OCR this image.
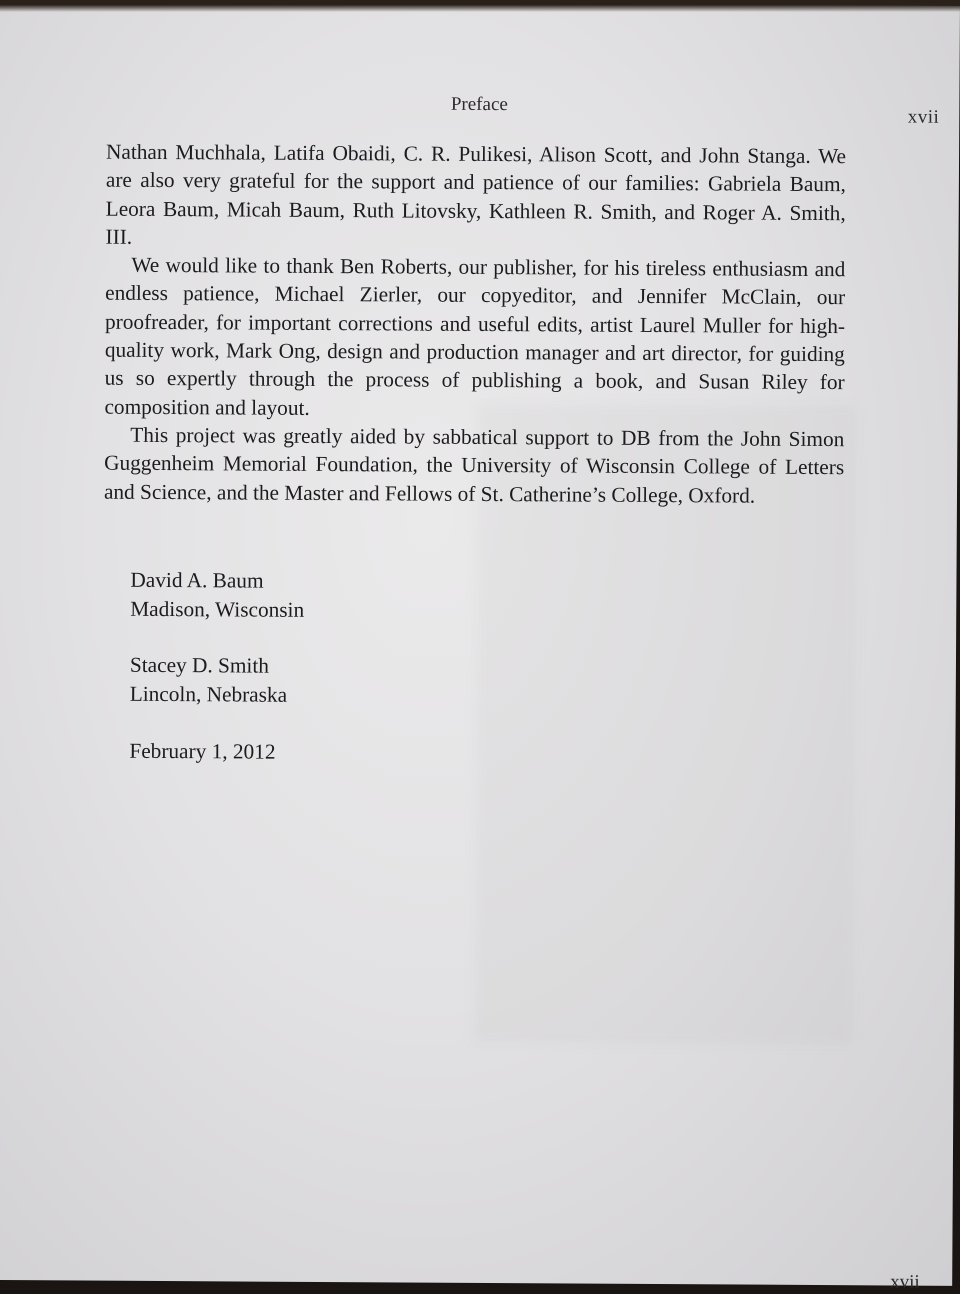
Preface
xvii

Nathan Muchhala, Latifa Obaidi, C. R. Pulikesi, Alison Scott, and John Stanga. We are also very grateful for the support and patience of our families: Gabriela Baum, Leora Baum, Micah Baum, Ruth Litovsky, Kathleen R. Smith, and Roger A. Smith, III.

We would like to thank Ben Roberts, our publisher, for his tireless enthusiasm and endless patience, Michael Zierler, our copyeditor, and Jennifer McClain, our proofreader, for important corrections and useful edits, artist Laurel Muller for high-quality work, Mark Ong, design and production manager and art director, for guiding us so expertly through the process of publishing a book, and Susan Riley for composition and layout.

This project was greatly aided by sabbatical support to DB from the John Simon Guggenheim Memorial Foundation, the University of Wisconsin College of Letters and Science, and the Master and Fellows of St. Catherine’s College, Oxford.

David A. Baum
Madison, Wisconsin
Stacey D. Smith
Lincoln, Nebraska
February 1, 2012
xvii
